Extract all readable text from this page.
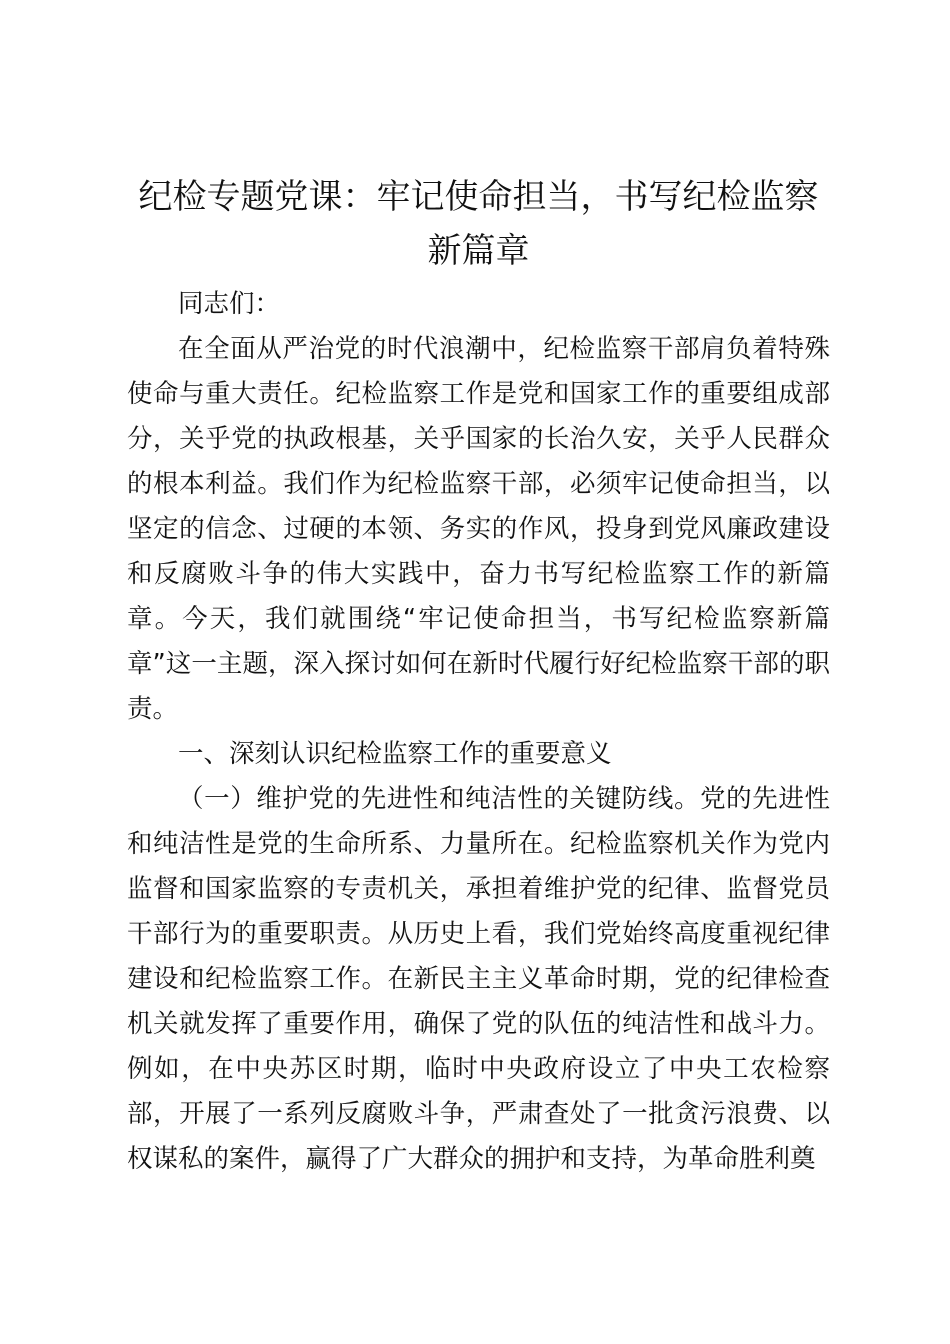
纪检专题党课：牢记使命担当，书写纪检监察
新篇章

同志们：

在全面从严治党的时代浪潮中，纪检监察干部肩负着特殊使命与重大责任。纪检监察工作是党和国家工作的重要组成部分，关乎党的执政根基，关乎国家的长治久安，关乎人民群众的根本利益。我们作为纪检监察干部，必须牢记使命担当，以坚定的信念、过硬的本领、务实的作风，投身到党风廉政建设和反腐败斗争的伟大实践中，奋力书写纪检监察工作的新篇章。今天，我们就围绕“牢记使命担当，书写纪检监察新篇章”这一主题，深入探讨如何在新时代履行好纪检监察干部的职责。

一、深刻认识纪检监察工作的重要意义

（一）维护党的先进性和纯洁性的关键防线。党的先进性和纯洁性是党的生命所系、力量所在。纪检监察机关作为党内监督和国家监察的专责机关，承担着维护党的纪律、监督党员干部行为的重要职责。从历史上看，我们党始终高度重视纪律建设和纪检监察工作。在新民主主义革命时期，党的纪律检查机关就发挥了重要作用，确保了党的队伍的纯洁性和战斗力。例如，在中央苏区时期，临时中央政府设立了中央工农检察部，开展了一系列反腐败斗争，严肃查处了一批贪污浪费、以权谋私的案件，赢得了广大群众的拥护和支持，为革命胜利奠
